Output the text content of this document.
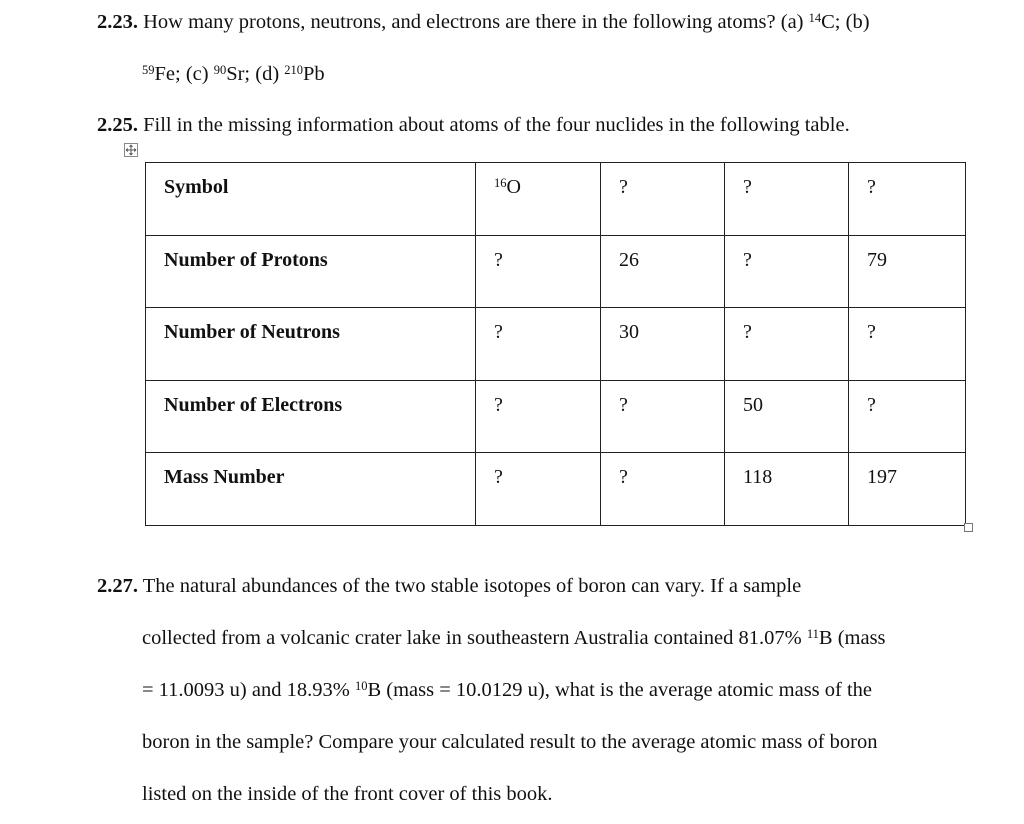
2.23. How many protons, neutrons, and electrons are there in the following atoms? (a) $^{14}$C; (b)
$^{59}$Fe; (c) $^{90}$Sr; (d) $^{210}$Pb
2.25. Fill in the missing information about atoms of the four nuclides in the following table.
Symbol	$^{16}$O	?	?	?
Number of Protons	?	26	?	79
Number of Neutrons	?	30	?	?
Number of Electrons	?	?	50	?
Mass Number	?	?	118	197
2.27. The natural abundances of the two stable isotopes of boron can vary. If a sample
collected from a volcanic crater lake in southeastern Australia contained 81.07% $^{11}$B (mass
= 11.0093 u) and 18.93% $^{10}$B (mass = 10.0129 u), what is the average atomic mass of the
boron in the sample? Compare your calculated result to the average atomic mass of boron
listed on the inside of the front cover of this book.
